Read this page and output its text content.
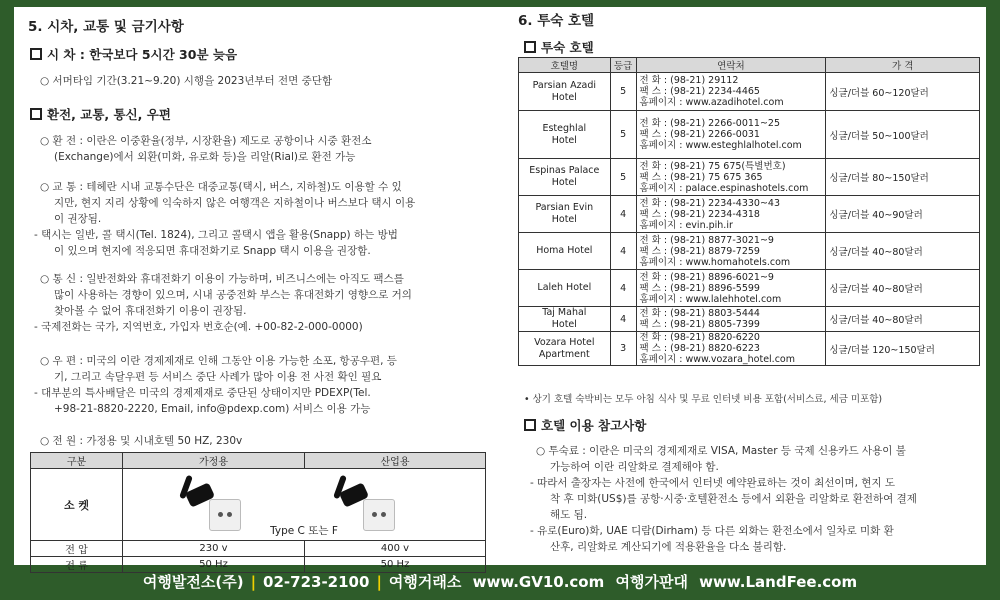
5. 시차, 교통 및 금기사항
시 차 : 한국보다 5시간 30분 늦음
○ 서머타임 기간(3.21~9.20) 시행을 2023년부터 전면 중단함
환전, 교통, 통신, 우편
○ 환 전 : 이란은 이중환율(정부, 시장환율) 제도로 공항이나 시중 환전소
(Exchange)에서 외환(미화, 유로화 등)을 리알(Rial)로 환전 가능
○ 교 통 : 테헤란 시내 교통수단은 대중교통(택시, 버스, 지하철)도 이용할 수 있
지만, 현지 지리 상황에 익숙하지 않은 여행객은 지하철이나 버스보다 택시 이용
이 권장됨.
- 택시는 일반, 콜 택시(Tel. 1824), 그리고 콜택시 앱을 활용(Snapp) 하는 방법
이 있으며 현지에 적응되면 휴대전화기로 Snapp 택시 이용을 권장함.
○ 통 신 : 일반전화와 휴대전화기 이용이 가능하며, 비즈니스에는 아직도 팩스를
많이 사용하는 경향이 있으며, 시내 공중전화 부스는 휴대전화기 영향으로 거의
찾아볼 수 없어 휴대전화기 이용이 권장됨.
- 국제전화는 국가, 지역번호, 가입자 번호순(예. +00-82-2-000-0000)
○ 우 편 : 미국의 이란 경제제재로 인해 그동안 이용 가능한 소포, 항공우편, 등
기, 그리고 속달우편 등 서비스 중단 사례가 많아 이용 전 사전 확인 필요
- 대부분의 특사배달은 미국의 경제제재로 중단된 상태이지만 PDEXP(Tel.
+98-21-8820-2220, Email, info@pdexp.com) 서비스 이용 가능
○ 전 원 : 가정용 및 시내호텔 50 HZ, 230v
구분	가정용	산업용
소 켓	Type C 또는 F	

전 압	230 v	400 v
전 류	50 Hz	50 Hz
6. 투숙 호텔
투숙 호텔
호텔명	등급	연락처	가 격

Parsian Azadi
Hotel	5	전 화 : (98-21) 29112
팩 스 : (98-21) 2234-4465
홈페이지 : www.azadihotel.com	싱글/더블 60~120달러

Esteghlal
Hotel	5	전 화 : (98-21) 2266-0011~25
팩 스 : (98-21) 2266-0031
홈페이지 : www.esteghlalhotel.com	싱글/더블 50~100달러

Espinas Palace
Hotel	5	전 화 : (98-21) 75 675(특별번호)
팩 스 : (98-21) 75 675 365
홈페이지 : palace.espinashotels.com	싱글/더블 80~150달러

Parsian Evin
Hotel	4	전 화 : (98-21) 2234-4330~43
팩 스 : (98-21) 2234-4318
홈페이지 : evin.pih.ir	싱글/더블 40~90달러

Homa Hotel	4	전 화 : (98-21) 8877-3021~9
팩 스 : (98-21) 8879-7259
홈페이지 : www.homahotels.com	싱글/더블 40~80달러

Laleh Hotel	4	전 화 : (98-21) 8896-6021~9
팩 스 : (98-21) 8896-5599
홈페이지 : www.lalehhotel.com	싱글/더블 40~80달러

Taj Mahal
Hotel	4	전 화 : (98-21) 8803-5444
팩 스 : (98-21) 8805-7399	싱글/더블 40~80달러

Vozara Hotel
Apartment	3	전 화 : (98-21) 8820-6220
팩 스 : (98-21) 8820-6223
홈페이지 : www.vozara_hotel.com	싱글/더블 120~150달러
• 상기 호텔 숙박비는 모두 아침 식사 및 무료 인터넷 비용 포함(서비스료, 세금 미포함)
호텔 이용 참고사항
○ 투숙료 : 이란은 미국의 경제제재로 VISA, Master 등 국제 신용카드 사용이 불
가능하여 이란 리알화로 결제해야 함.
- 따라서 출장자는 사전에 한국에서 인터넷 예약완료하는 것이 최선이며, 현지 도
착 후 미화(US$)를 공항·시중·호텔환전소 등에서 외환을 리알화로 환전하여 결제
해도 됨.
- 유로(Euro)화, UAE 디람(Dirham) 등 다른 외화는 환전소에서 일차로 미화 환
산후, 리알화로 계산되기에 적용환율을 다소 불리함.
여행발전소(주) | 02-723-2100 | 여행거래소 www.GV10.com 여행가판대 www.LandFee.com
